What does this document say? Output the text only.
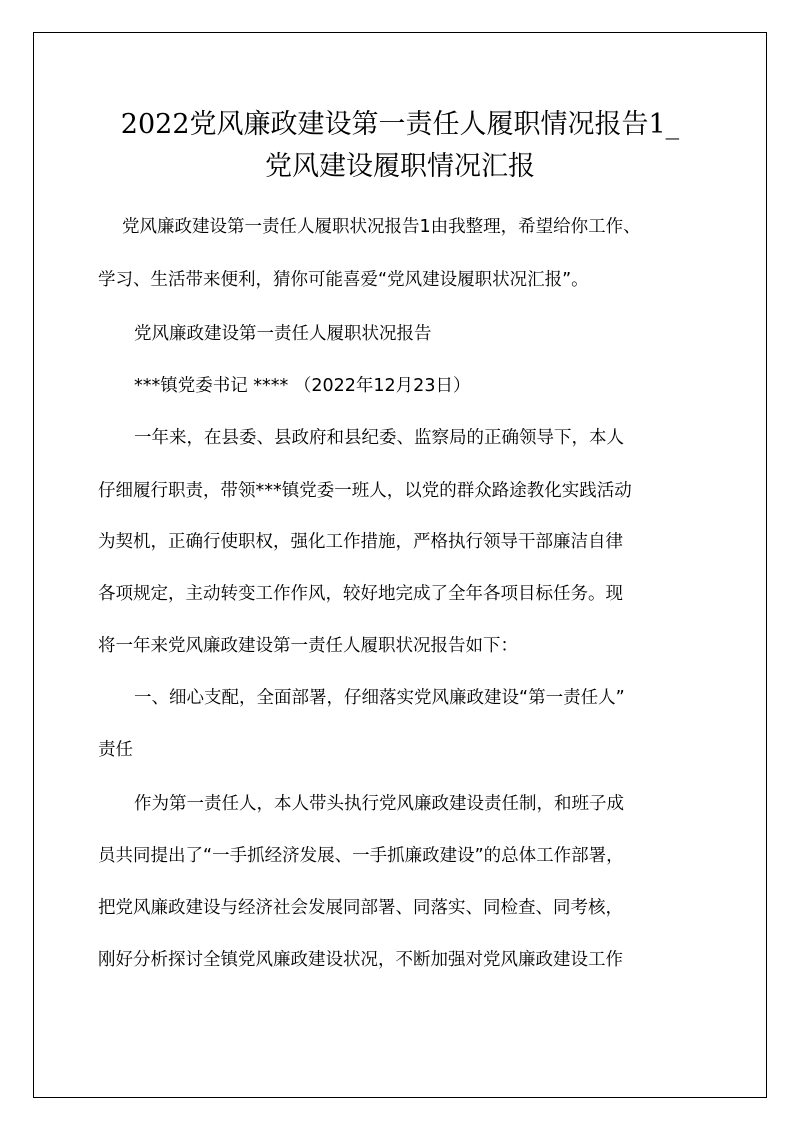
2022党风廉政建设第一责任人履职情况报告1_
党风建设履职情况汇报
党风廉政建设第一责任人履职状况报告1由我整理，希望给你工作、
学习、生活带来便利，猜你可能喜爱“党风建设履职状况汇报”。
党风廉政建设第一责任人履职状况报告
***镇党委书记 **** （2022年12月23日）
一年来，在县委、县政府和县纪委、监察局的正确领导下，本人
仔细履行职责，带领***镇党委一班人，以党的群众路途教化实践活动
为契机，正确行使职权，强化工作措施，严格执行领导干部廉洁自律
各项规定，主动转变工作作风，较好地完成了全年各项目标任务。现
将一年来党风廉政建设第一责任人履职状况报告如下：
一、细心支配，全面部署，仔细落实党风廉政建设“第一责任人”
责任
作为第一责任人，本人带头执行党风廉政建设责任制，和班子成
员共同提出了“一手抓经济发展、一手抓廉政建设”的总体工作部署，
把党风廉政建设与经济社会发展同部署、同落实、同检查、同考核，
刚好分析探讨全镇党风廉政建设状况，不断加强对党风廉政建设工作
